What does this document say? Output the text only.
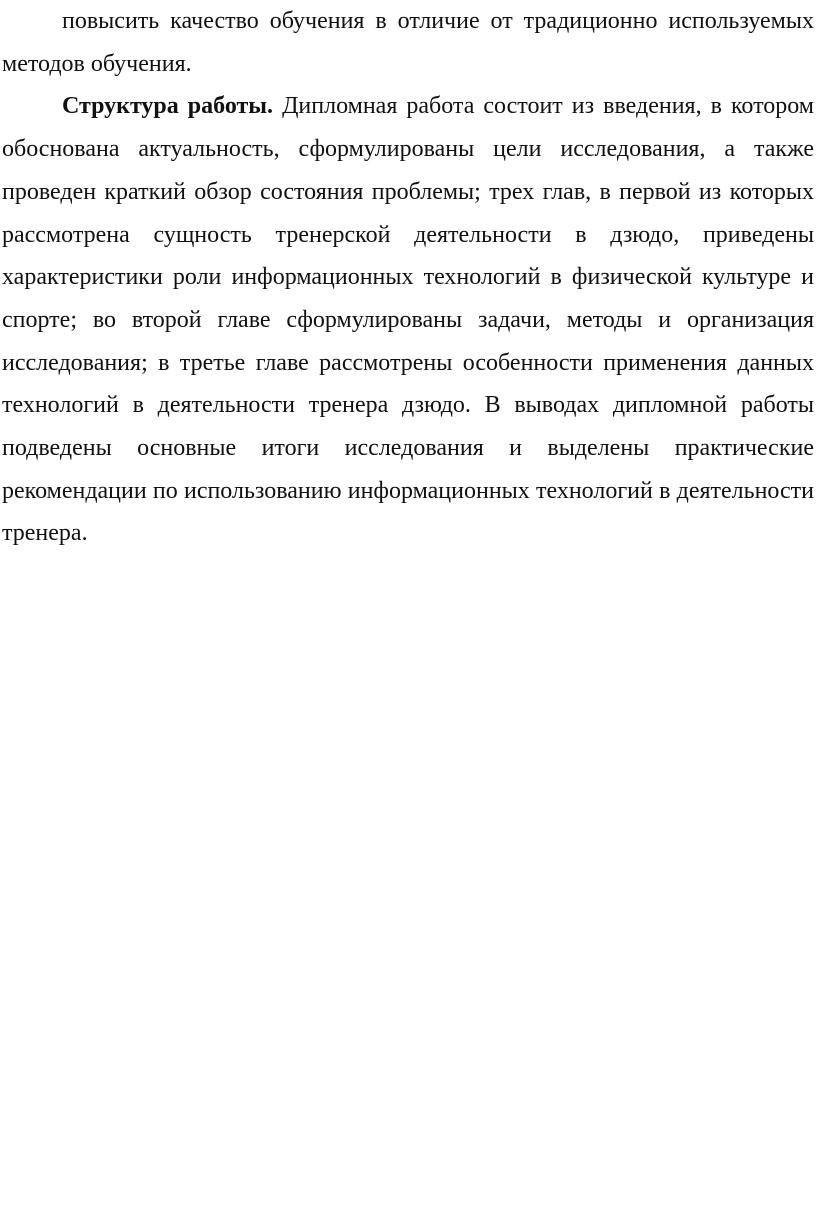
повысить качество обучения в отличие от традиционно используемых методов обучения.

Структура работы. Дипломная работа состоит из введения, в котором обоснована актуальность, сформулированы цели исследования, а также проведен краткий обзор состояния проблемы; трех глав, в первой из которых рассмотрена сущность тренерской деятельности в дзюдо, приведены характеристики роли информационных технологий в физической культуре и спорте; во второй главе сформулированы задачи, методы и организация исследования; в третье главе рассмотрены особенности применения данных технологий в деятельности тренера дзюдо. В выводах дипломной работы подведены основные итоги исследования и выделены практические рекомендации по использованию информационных технологий в деятельности тренера.
